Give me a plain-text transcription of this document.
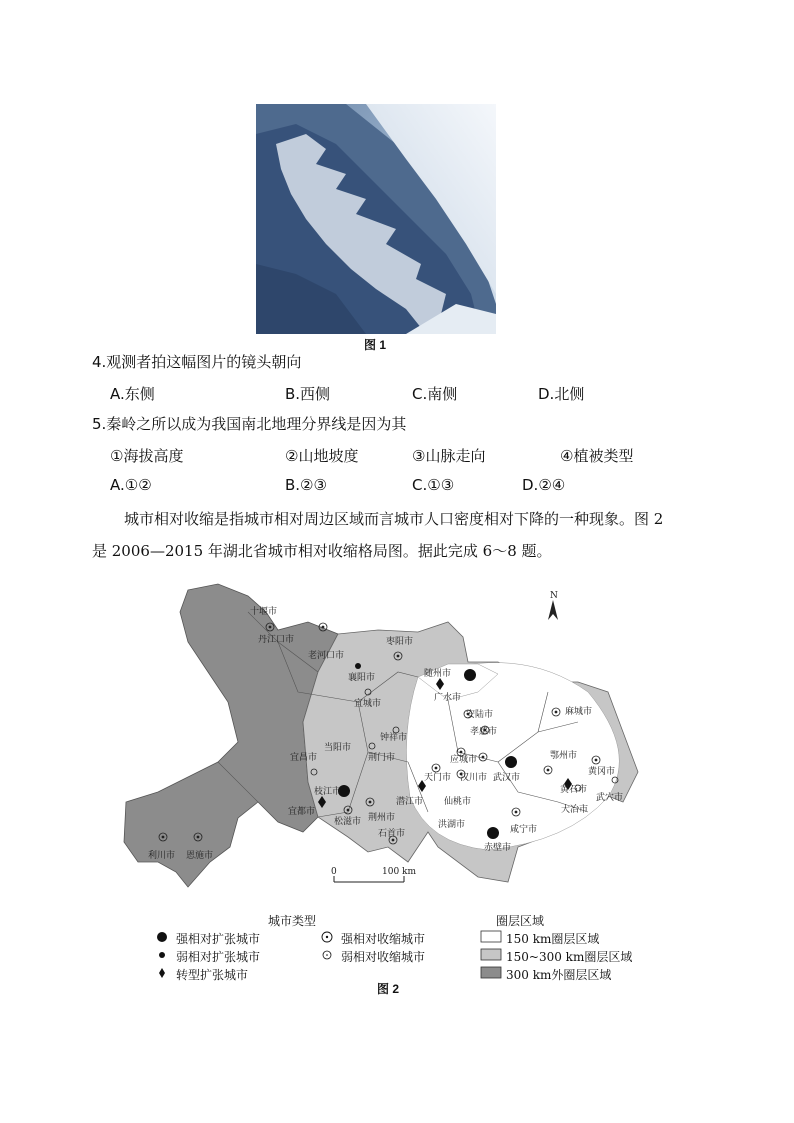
图 1
4.观测者拍这幅图片的镜头朝向
A.东侧	B.西侧	C.南侧	D.北侧
5.秦岭之所以成为我国南北地理分界线是因为其
①海拔高度	②山地坡度	③山脉走向	④植被类型
A.①②	B.②③	C.①③	D.②④
城市相对收缩是指城市相对周边区域而言城市人口密度相对下降的一种现象。图 2
是 2006—2015 年湖北省城市相对收缩格局图。据此完成 6～8 题。
N
十堰市
丹江口市
老河口市
襄阳市
枣阳市
随州市
广水市
宜城市
安陆市	麻城市
孝感市
钟祥市
当阳市
荆门市	应城市
汉川市 武汉市
鄂州市
黄冈市
宜昌市
枝江市
天门市
潜江市 仙桃市
黄石市
武穴市
大冶市
宜都市
松滋市 荆州市
石首市
洪湖市	咸宁市
赤壁市
利川市 恩施市
0	100 km
城市类型	圈层区域
强相对扩张城市
弱相对扩张城市
转型扩张城市
强相对收缩城市
弱相对收缩城市
150 km圈层区域
150~300 km圈层区域
300 km外圈层区域
图 2
